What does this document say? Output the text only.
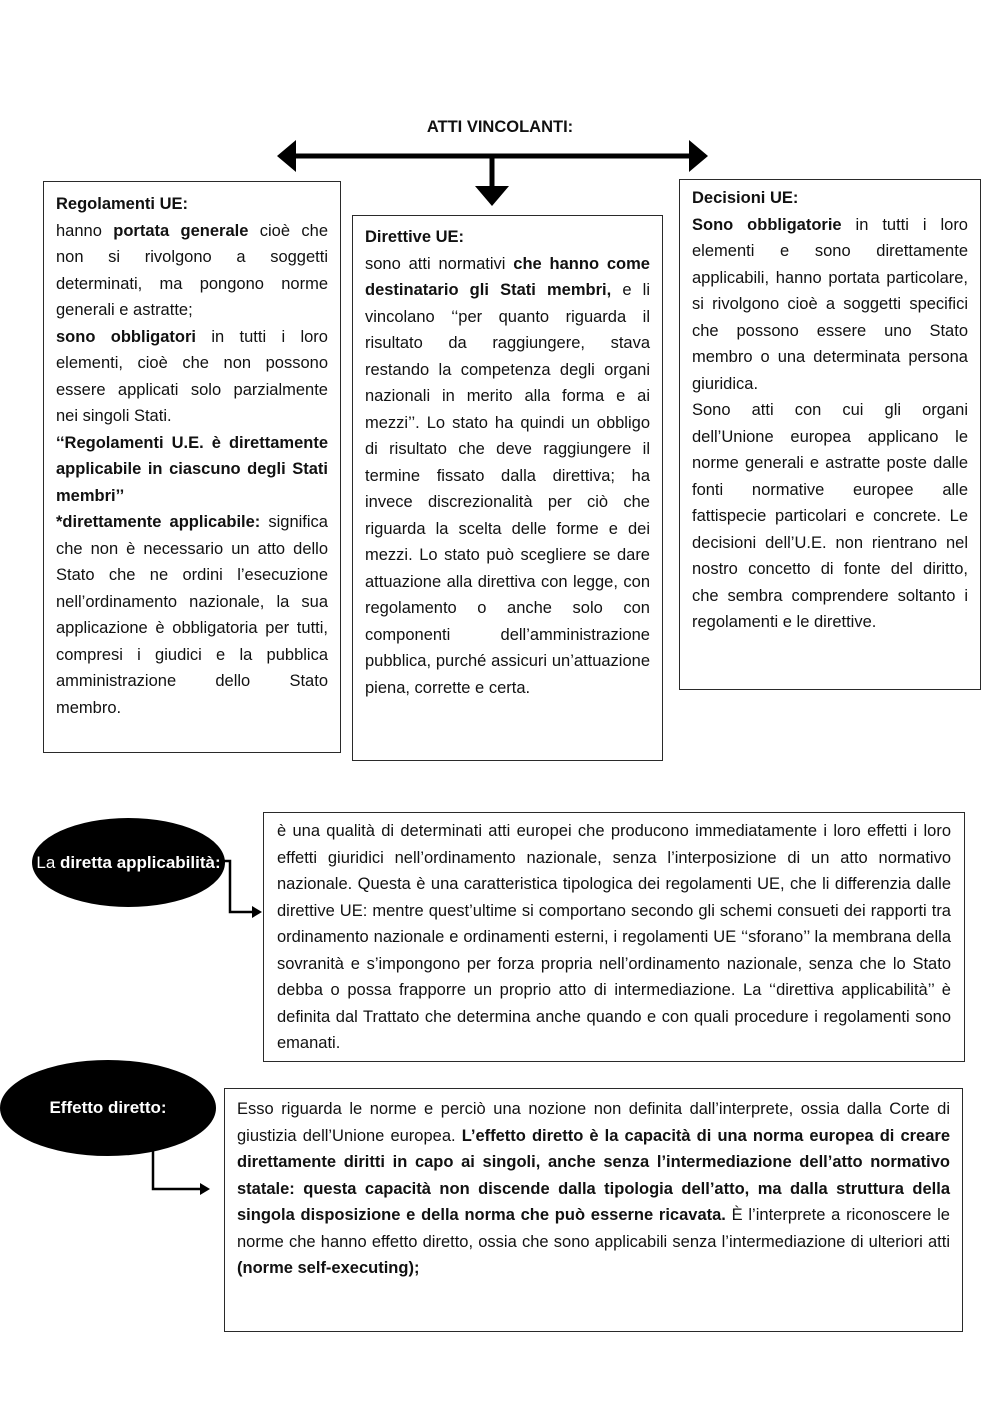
ATTI VINCOLANTI:
Regolamenti UE:

hanno portata generale cioè che non si rivolgono a soggetti determinati, ma pongono norme generali e astratte;

sono obbligatori in tutti i loro elementi, cioè che non possono essere applicati solo parzialmente nei singoli Stati.

‘‘Regolamenti U.E. è direttamente applicabile in ciascuno degli Stati membri’’

*direttamente applicabile: significa che non è necessario un atto dello Stato che ne ordini l’esecuzione nell’ordinamento nazionale, la sua applicazione è obbligatoria per tutti, compresi i giudici e la pubblica amministrazione dello Stato membro.

Direttive UE:

sono atti normativi che hanno come destinatario gli Stati membri, e li vincolano ‘‘per quanto riguarda il risultato da raggiungere, stava restando la competenza degli organi nazionali in merito alla forma e ai mezzi’’. Lo stato ha quindi un obbligo di risultato che deve raggiungere il termine fissato dalla direttiva; ha invece discrezionalità per ciò che riguarda la scelta delle forme e dei mezzi. Lo stato può scegliere se dare attuazione alla direttiva con legge, con regolamento o anche solo con componenti dell’amministrazione pubblica, purché assicuri un’attuazione piena, corrette e certa.

Decisioni UE:

Sono obbligatorie in tutti i loro elementi e sono direttamente applicabili, hanno portata particolare, si rivolgono cioè a soggetti specifici che possono essere uno Stato membro o una determinata persona giuridica.

Sono atti con cui gli organi dell’Unione europea applicano le norme generali e astratte poste dalle fonti normative europee alle fattispecie particolari e concrete. Le decisioni dell’U.E. non rientrano nel nostro concetto di fonte del diritto, che sembra comprendere soltanto i regolamenti e le direttive.

La diretta applicabilità:

è una qualità di determinati atti europei che producono immediatamente i loro effetti i loro effetti giuridici nell’ordinamento nazionale, senza l’interposizione di un atto normativo nazionale. Questa è una caratteristica tipologica dei regolamenti UE, che li differenzia dalle direttive UE: mentre quest’ultime si comportano secondo gli schemi consueti dei rapporti tra ordinamento nazionale e ordinamenti esterni, i regolamenti UE ‘‘sforano’’ la membrana della sovranità e s’impongono per forza propria nell’ordinamento nazionale, senza che lo Stato debba o possa frapporre un proprio atto di intermediazione. La ‘‘direttiva applicabilità’’ è definita dal Trattato che determina anche quando e con quali procedure i regolamenti sono emanati.

Effetto diretto:	Esso riguarda le norme e perciò una nozione non definita dall’interprete, ossia dalla Corte di giustizia dell’Unione europea. L’effetto diretto è la capacità di una norma europea di creare direttamente diritti in capo ai singoli, anche senza l’intermediazione dell’atto normativo statale: questa capacità non discende dalla tipologia dell’atto, ma dalla struttura della singola disposizione e della norma che può esserne ricavata. È l’interprete a riconoscere le norme che hanno effetto diretto, ossia che sono applicabili senza l’intermediazione di ulteriori atti (norme self-executing);
